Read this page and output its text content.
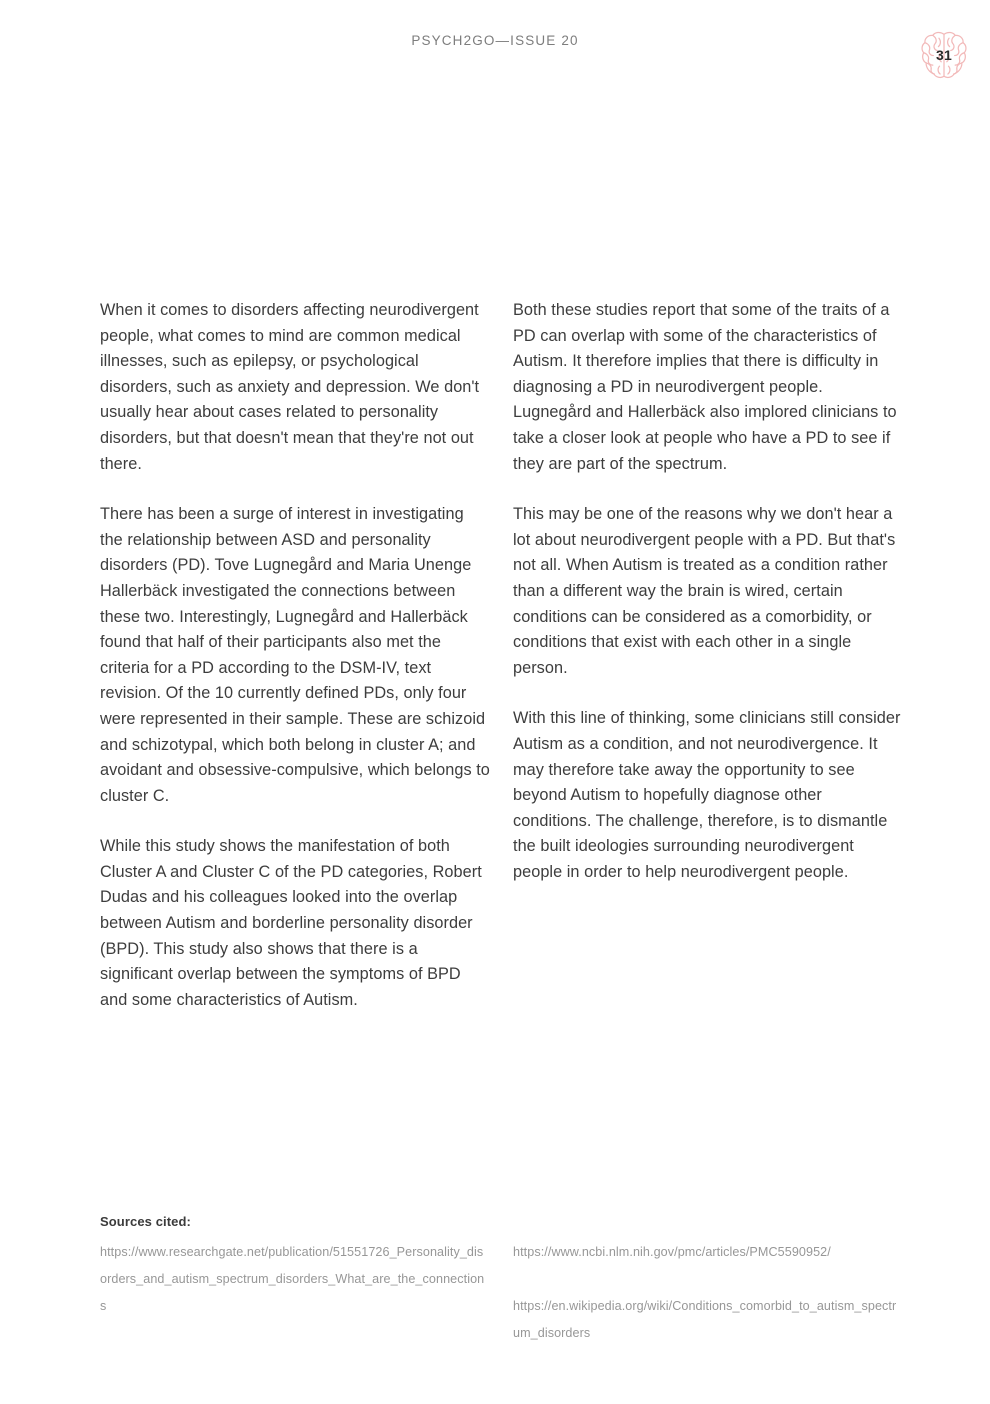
PSYCH2GO—ISSUE 20
31

When it comes to disorders affecting neurodivergent people, what comes to mind are common medical illnesses, such as epilepsy, or psychological disorders, such as anxiety and depression. We don't usually hear about cases related to personality disorders, but that doesn't mean that they're not out there.

There has been a surge of interest in investigating the relationship between ASD and personality disorders (PD). Tove Lugnegård and Maria Unenge Hallerbäck investigated the connections between these two. Interestingly, Lugnegård and Hallerbäck found that half of their participants also met the criteria for a PD according to the DSM-IV, text revision. Of the 10 currently defined PDs, only four were represented in their sample. These are schizoid and schizotypal, which both belong in cluster A; and avoidant and obsessive-compulsive, which belongs to cluster C.

While this study shows the manifestation of both Cluster A and Cluster C of the PD categories, Robert Dudas and his colleagues looked into the overlap between Autism and borderline personality disorder (BPD). This study also shows that there is a significant overlap between the symptoms of BPD and some characteristics of Autism.

Both these studies report that some of the traits of a PD can overlap with some of the characteristics of Autism. It therefore implies that there is difficulty in diagnosing a PD in neurodivergent people. Lugnegård and Hallerbäck also implored clinicians to take a closer look at people who have a PD to see if they are part of the spectrum.

This may be one of the reasons why we don't hear a lot about neurodivergent people with a PD. But that's not all. When Autism is treated as a condition rather than a different way the brain is wired, certain conditions can be considered as a comorbidity, or conditions that exist with each other in a single person.

With this line of thinking, some clinicians still consider Autism as a condition, and not neurodivergence. It may therefore take away the opportunity to see beyond Autism to hopefully diagnose other conditions. The challenge, therefore, is to dismantle the built ideologies surrounding neurodivergent people in order to help neurodivergent people.

Sources cited:

https://www.researchgate.net/publication/51551726_Personality_disorders_and_autism_spectrum_disorders_What_are_the_connections

https://www.ncbi.nlm.nih.gov/pmc/articles/PMC5590952/

https://en.wikipedia.org/wiki/Conditions_comorbid_to_autism_spectrum_disorders
